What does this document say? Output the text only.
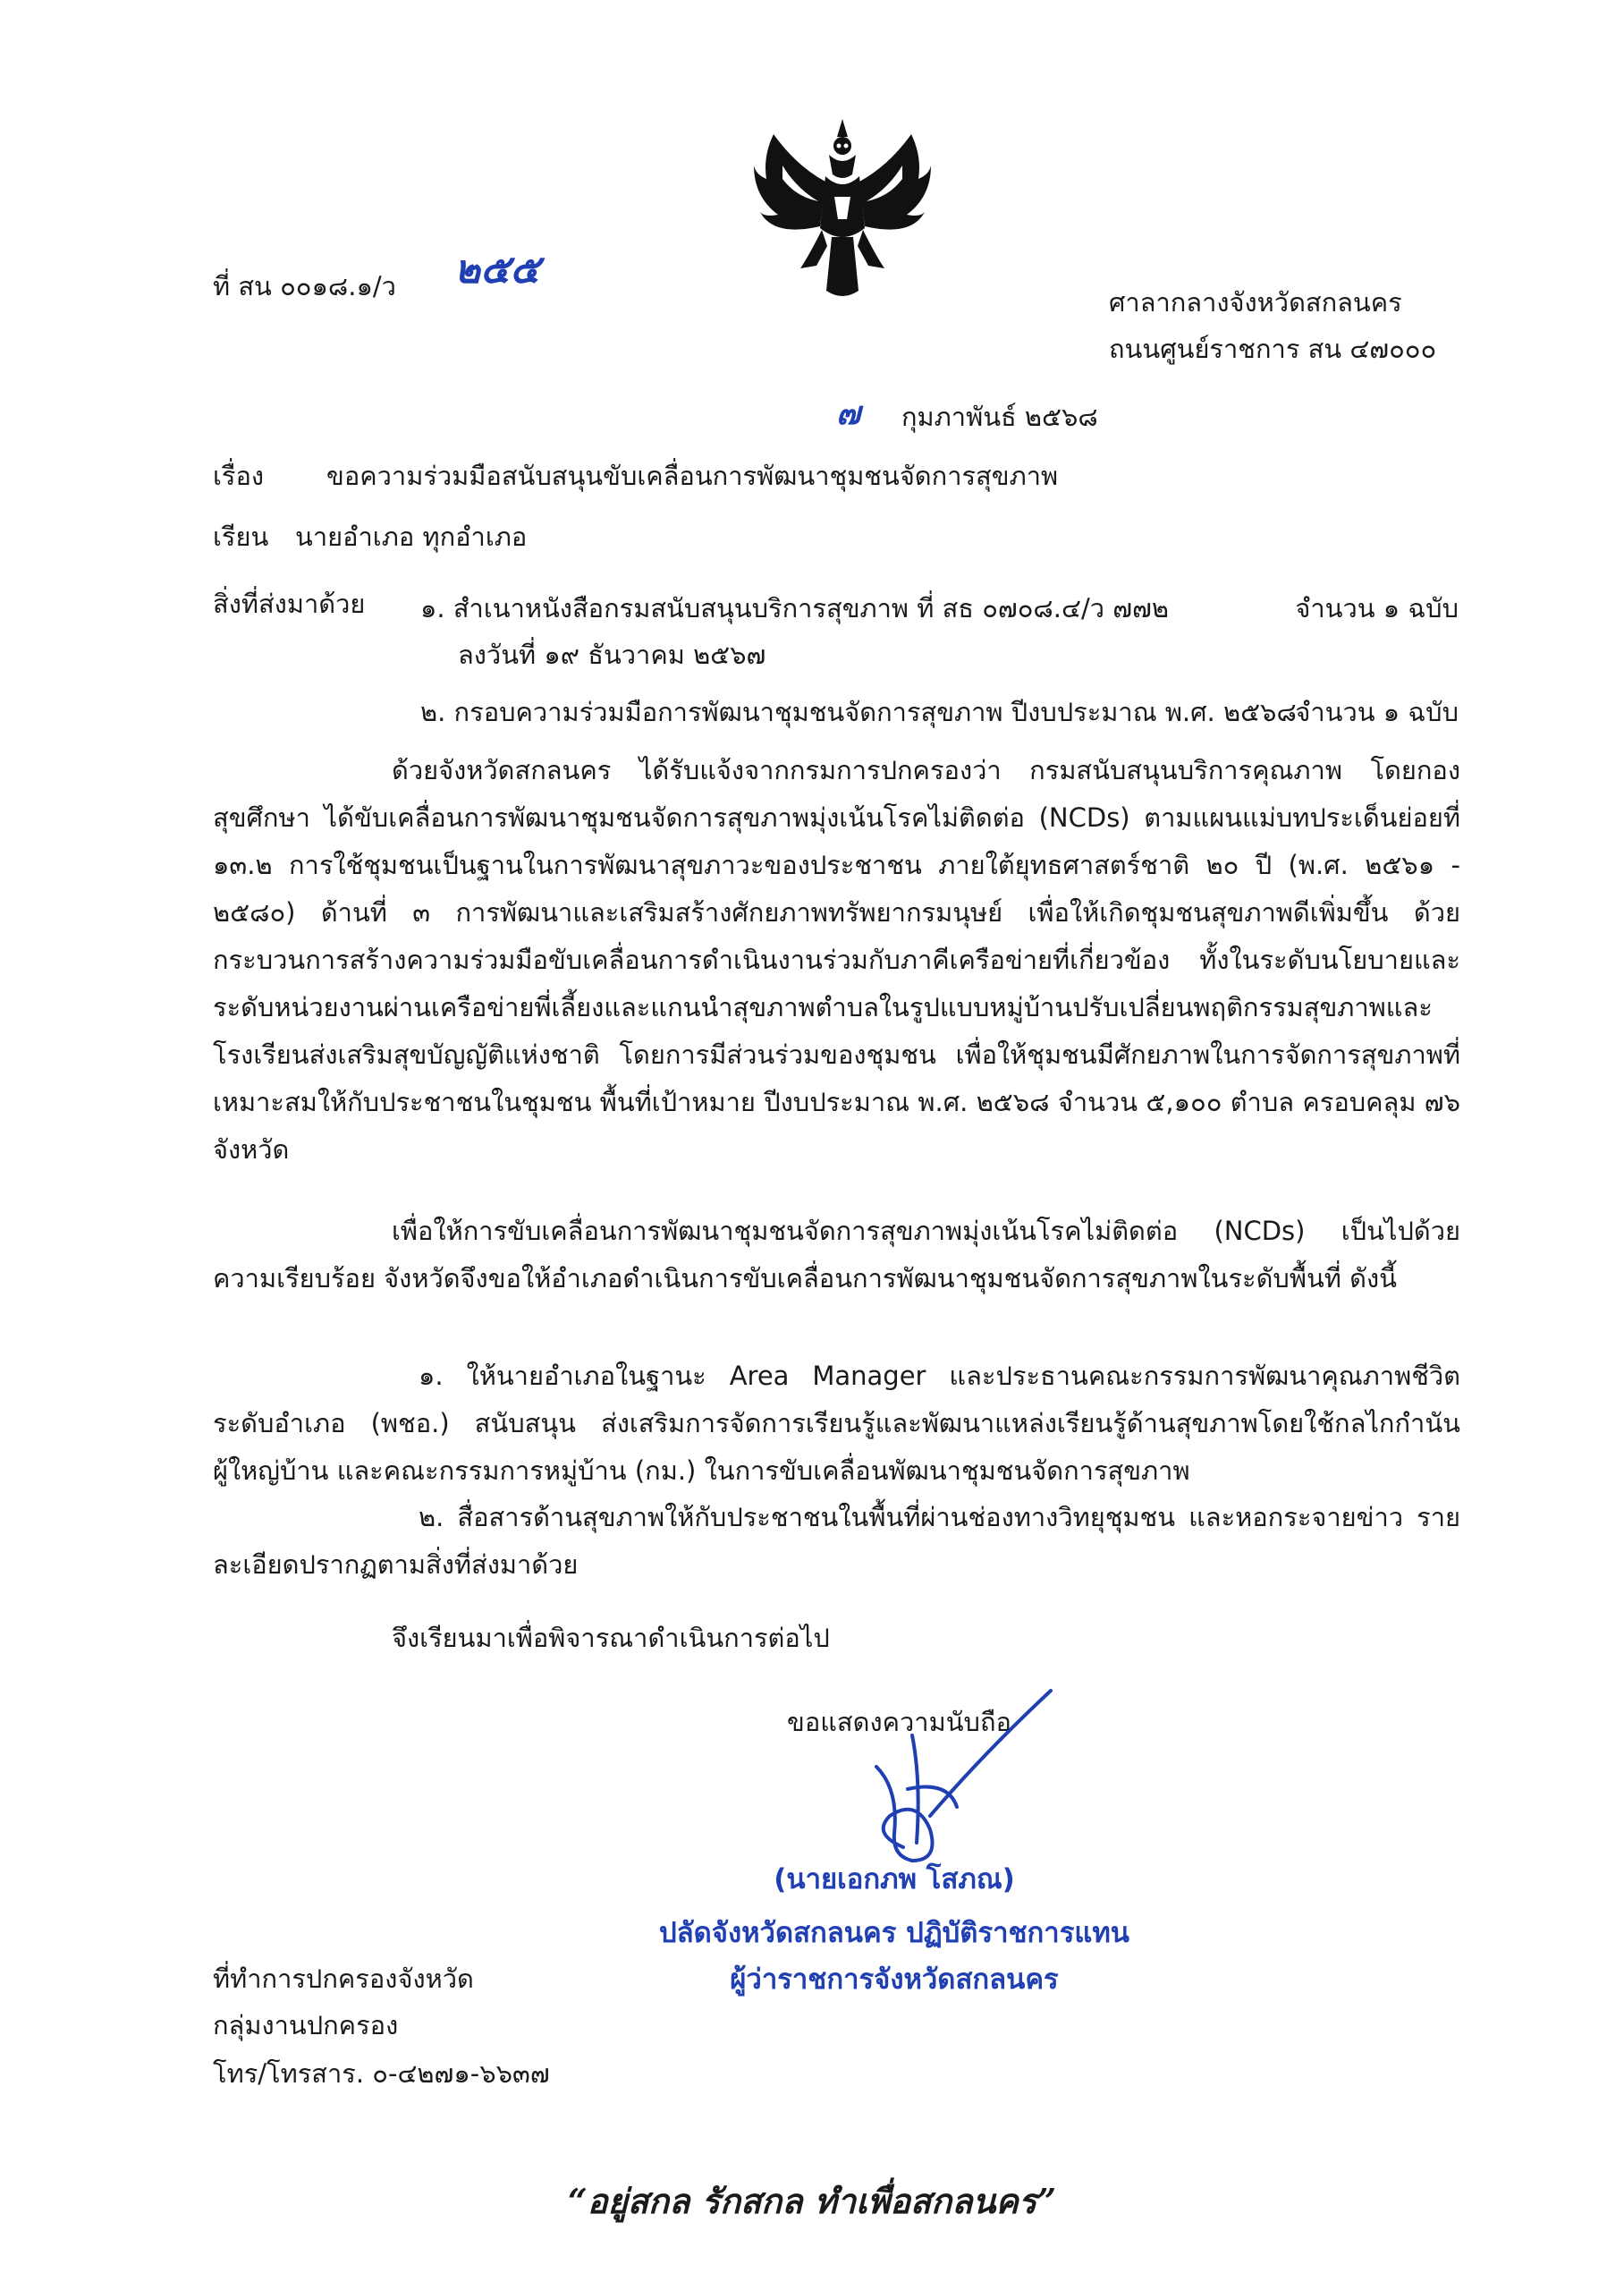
ที่ สน ๐๐๑๘.๑/ว ๒๕๕
ศาลากลางจังหวัดสกลนคร
ถนนศูนย์ราชการ สน ๔๗๐๐๐
๗ กุมภาพันธ์ ๒๕๖๘
เรื่อง ขอความร่วมมือสนับสนุนขับเคลื่อนการพัฒนาชุมชนจัดการสุขภาพ
เรียน นายอำเภอ ทุกอำเภอ
สิ่งที่ส่งมาด้วย ๑. สำเนาหนังสือกรมสนับสนุนบริการสุขภาพ ที่ สธ ๐๗๐๘.๔/ว ๗๗๒	จำนวน ๑ ฉบับ
ลงวันที่ ๑๙ ธันวาคม ๒๕๖๗
๒. กรอบความร่วมมือการพัฒนาชุมชนจัดการสุขภาพ ปีงบประมาณ พ.ศ. ๒๕๖๘
จำนวน ๑ ฉบับ

ด้วยจังหวัดสกลนคร ได้รับแจ้งจากกรมการปกครองว่า กรมสนับสนุนบริการคุณภาพ โดยกองสุขศึกษา ได้ขับเคลื่อนการพัฒนาชุมชนจัดการสุขภาพมุ่งเน้นโรคไม่ติดต่อ (NCDs) ตามแผนแม่บทประเด็นย่อยที่ ๑๓.๒ การใช้ชุมชนเป็นฐานในการพัฒนาสุขภาวะของประชาชน ภายใต้ยุทธศาสตร์ชาติ ๒๐ ปี (พ.ศ. ๒๕๖๑ - ๒๕๘๐) ด้านที่ ๓ การพัฒนาและเสริมสร้างศักยภาพทรัพยากรมนุษย์ เพื่อให้เกิดชุมชนสุขภาพดีเพิ่มขึ้น ด้วยกระบวนการสร้างความร่วมมือขับเคลื่อนการดำเนินงานร่วมกับภาคีเครือข่ายที่เกี่ยวข้อง ทั้งในระดับนโยบายและระดับหน่วยงานผ่านเครือข่ายพี่เลี้ยงและแกนนำสุขภาพตำบลในรูปแบบหมู่บ้านปรับเปลี่ยนพฤติกรรมสุขภาพและโรงเรียนส่งเสริมสุขบัญญัติแห่งชาติ โดยการมีส่วนร่วมของชุมชน เพื่อให้ชุมชนมีศักยภาพในการจัดการสุขภาพที่เหมาะสมให้กับประชาชนในชุมชน พื้นที่เป้าหมาย ปีงบประมาณ พ.ศ. ๒๕๖๘ จำนวน ๕,๑๐๐ ตำบล ครอบคลุม ๗๖ จังหวัด

เพื่อให้การขับเคลื่อนการพัฒนาชุมชนจัดการสุขภาพมุ่งเน้นโรคไม่ติดต่อ (NCDs) เป็นไปด้วยความเรียบร้อย จังหวัดจึงขอให้อำเภอดำเนินการขับเคลื่อนการพัฒนาชุมชนจัดการสุขภาพในระดับพื้นที่ ดังนี้

๑. ให้นายอำเภอในฐานะ Area Manager และประธานคณะกรรมการพัฒนาคุณภาพชีวิตระดับอำเภอ (พชอ.) สนับสนุน ส่งเสริมการจัดการเรียนรู้และพัฒนาแหล่งเรียนรู้ด้านสุขภาพโดยใช้กลไกกำนัน ผู้ใหญ่บ้าน และคณะกรรมการหมู่บ้าน (กม.) ในการขับเคลื่อนพัฒนาชุมชนจัดการสุขภาพ

๒. สื่อสารด้านสุขภาพให้กับประชาชนในพื้นที่ผ่านช่องทางวิทยุชุมชน และหอกระจายข่าว รายละเอียดปรากฏตามสิ่งที่ส่งมาด้วย

จึงเรียนมาเพื่อพิจารณาดำเนินการต่อไป

ขอแสดงความนับถือ
(นายเอกภพ โสภณ)
ปลัดจังหวัดสกลนคร ปฏิบัติราชการแทน
ผู้ว่าราชการจังหวัดสกลนคร
ที่ทำการปกครองจังหวัด
กลุ่มงานปกครอง
โทร/โทรสาร. ๐-๔๒๗๑-๖๖๓๗
“อยู่สกล รักสกล ทำเพื่อสกลนคร”
